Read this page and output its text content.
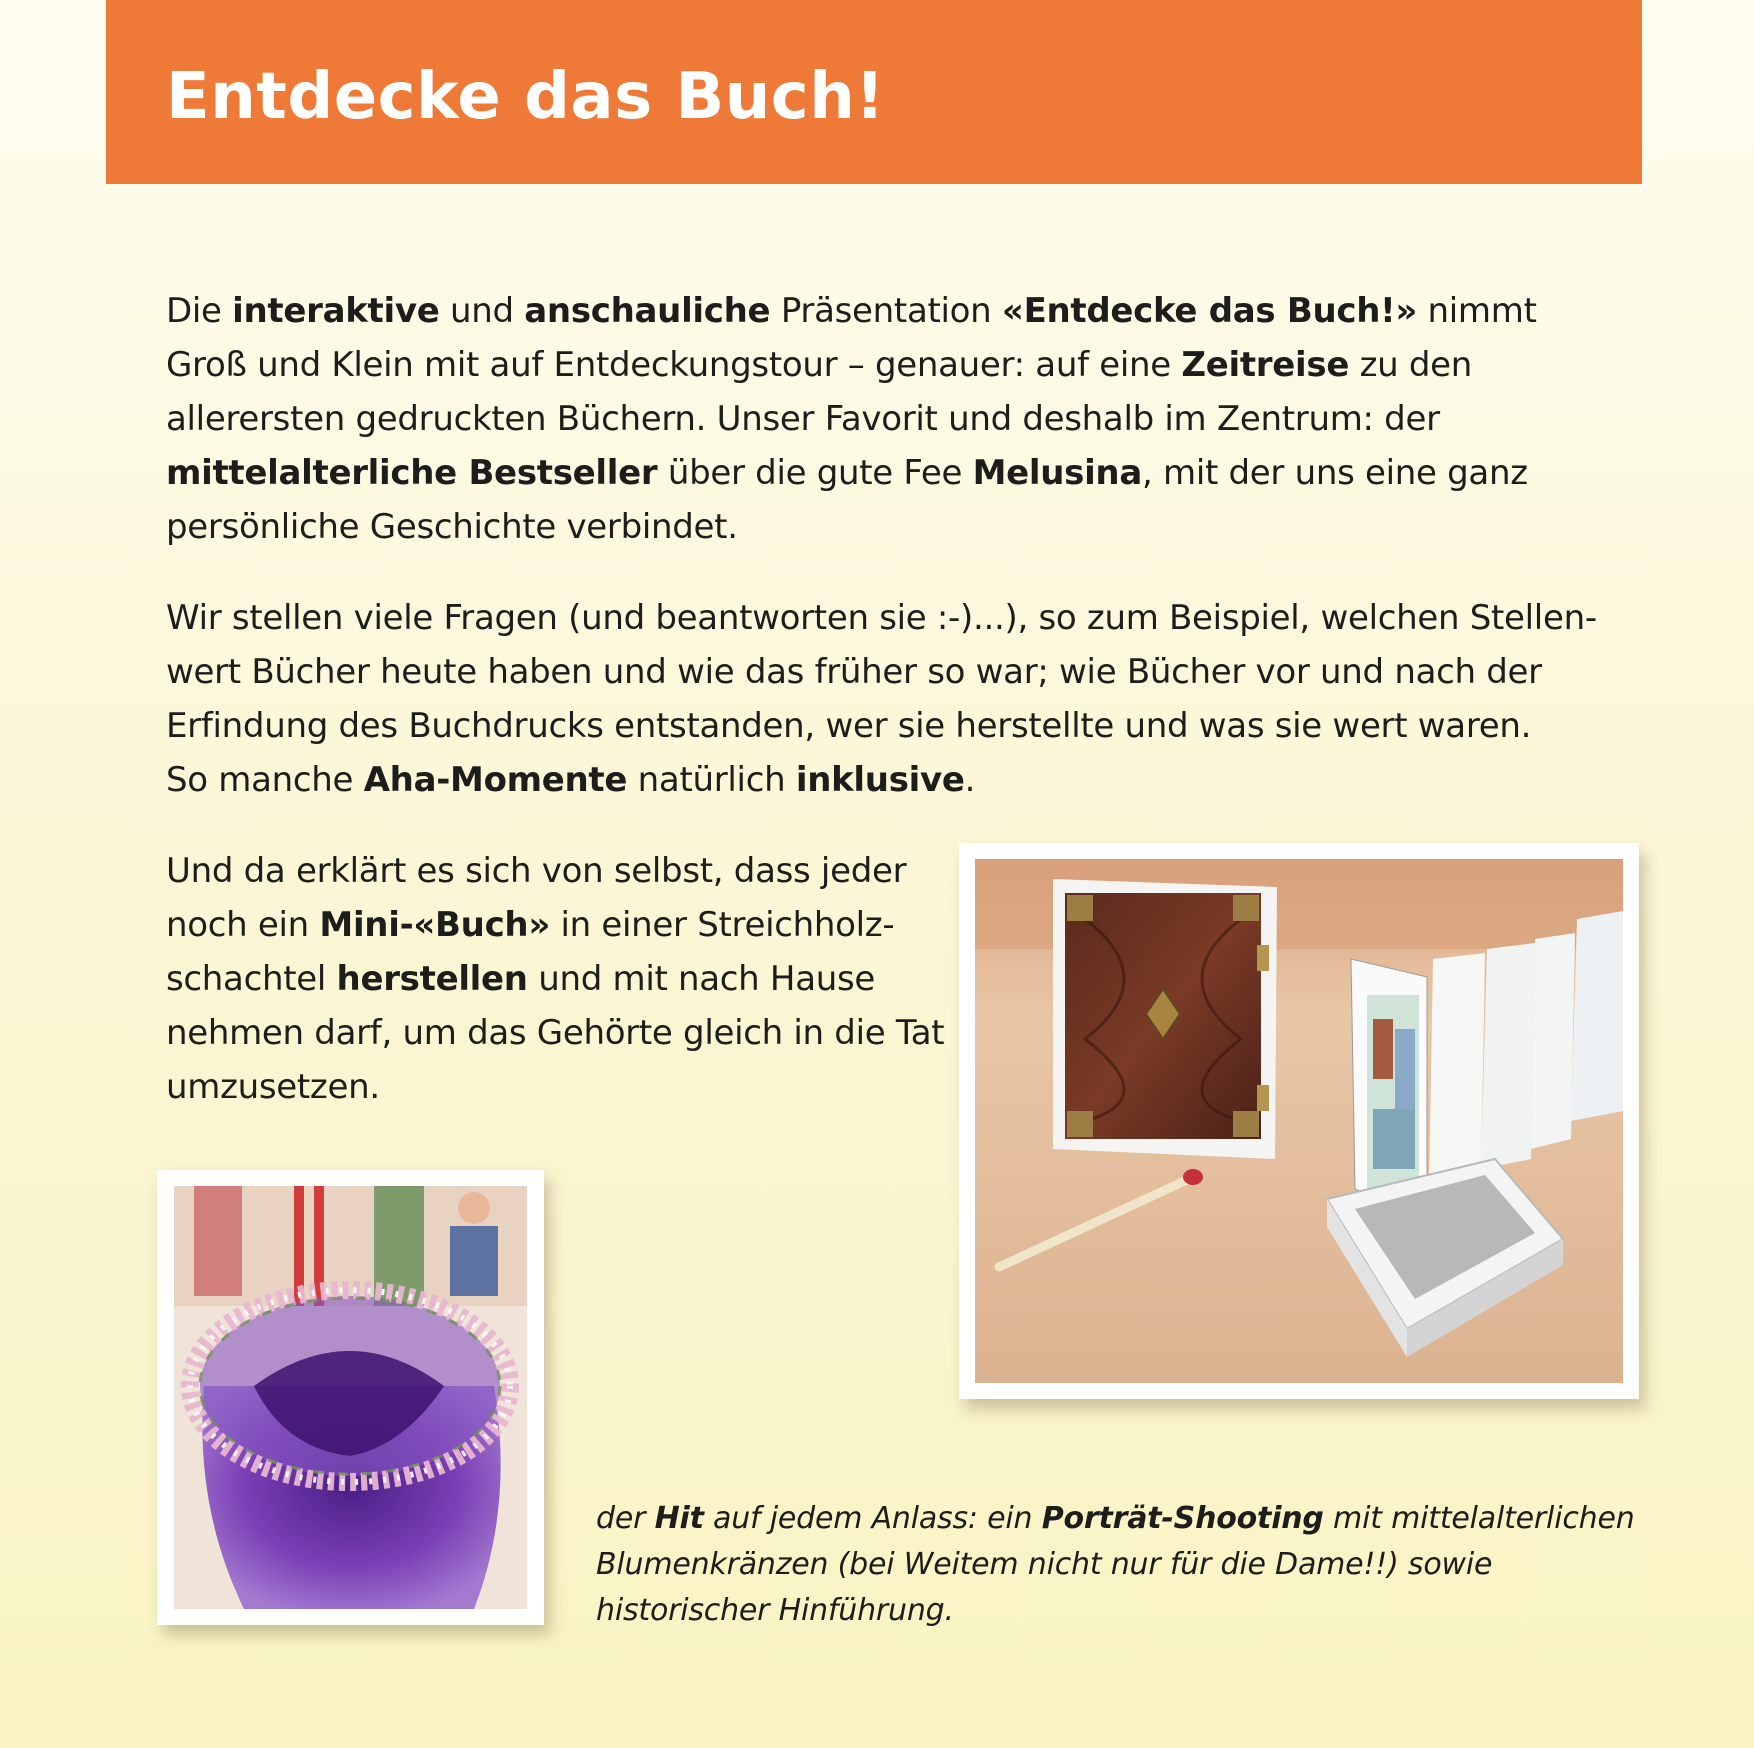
Entdecke das Buch!

Die interaktive und anschauliche Präsentation «Entdecke das Buch!» nimmt Groß und Klein mit auf Entdeckungstour – genauer: auf eine Zeitreise zu den allerersten gedruckten Büchern. Unser Favorit und deshalb im Zentrum: der mittelalterliche Bestseller über die gute Fee Melusina, mit der uns eine ganz persönliche Geschichte verbindet.

Wir stellen viele Fragen (und beantworten sie :-)...), so zum Beispiel, welchen Stellen-
wert Bücher heute haben und wie das früher so war; wie Bücher vor und nach der
Erfindung des Buchdrucks entstanden, wer sie herstellte und was sie wert waren.
So manche Aha-Momente natürlich inklusive.

Und da erklärt es sich von selbst, dass jeder noch ein Mini-«Buch» in einer Streichholz- schachtel herstellen und mit nach Hause nehmen darf, um das Gehörte gleich in die Tat umzusetzen.

der Hit auf jedem Anlass: ein Porträt-Shooting mit mittelalterlichen Blumenkränzen (bei Weitem nicht nur für die Dame!!) sowie historischer Hinführung.
